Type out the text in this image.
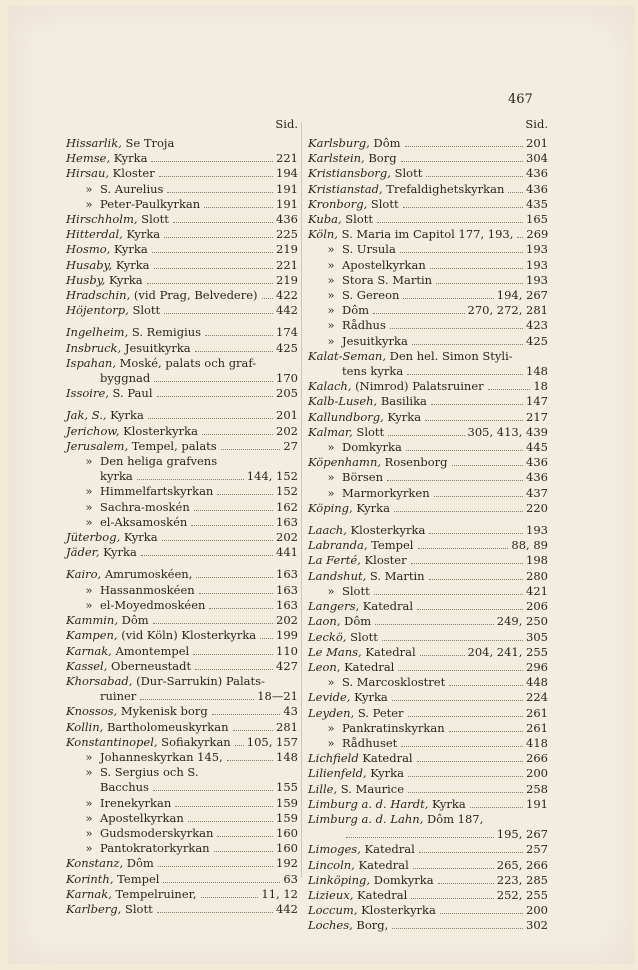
467
Sid.
Hissarlik, Se Troja
Hemse, Kyrka	221
Hirsau, Kloster	194
» S. Aurelius	191
» Peter-Paulkyrkan	191
Hirschholm, Slott	436
Hitterdal, Kyrka	225
Hosmo, Kyrka	219
Husaby, Kyrka	221
Husby, Kyrka	219
Hradschin, (vid Prag, Belvedere) 422
Höjentorp, Slott	442
Ingelheim, S. Remigius	174
Insbruck, Jesuitkyrka	425
Ispahan, Moské, palats och graf-
byggnad	170
Issoire, S. Paul	205
Jak, S., Kyrka	201
Jerichow, Klosterkyrka	202
Jerusalem, Tempel, palats	27
» Den heliga grafvens
kyrka	144, 152
» Himmelfartskyrkan	152
» Sachra-moskén	162
» el-Aksamoskén	163
Jüterbog, Kyrka	202
Jäder, Kyrka	441
Kairo, Amrumoskéen,	163
» Hassanmoskéen	163
» el-Moyedmoskéen	163
Kammin, Dôm	202
Kampen, (vid Köln) Klosterkyrka 199
Karnak, Amontempel	110
Kassel, Oberneustadt	427
Khorsabad, (Dur-Sarrukin) Palats-
ruiner	18—21
Knossos, Mykenisk borg	43
Kollin, Bartholomeuskyrkan	281
Konstantinopel, Sofiakyrkan 105, 157
» Johanneskyrkan 145,	148
» S. Sergius och S.
Bacchus	155
» Irenekyrkan	159
» Apostelkyrkan	159
» Gudsmoderskyrkan	160
» Pantokratorkyrkan	160
Konstanz, Dôm	192
Korinth, Tempel	63
Karnak, Tempelruiner,	11, 12
Karlberg, Slott	442
Sid.
Karlsburg, Dôm	201
Karlstein, Borg	304
Kristiansborg, Slott	436
Kristianstad, Trefaldighetskyrkan 436
Kronborg, Slott	435
Kuba, Slott	165
Köln, S. Maria im Capitol 177, 193, 269
» S. Ursula	193
» Apostelkyrkan	193
» Stora S. Martin	193
» S. Gereon	194, 267
» Dôm	270, 272, 281
» Rådhus	423
» Jesuitkyrka	425
Kalat-Seman, Den hel. Simon Styli-
tens kyrka	148
Kalach, (Nimrod) Palatsruiner	18
Kalb-Luseh, Basilika	147
Kallundborg, Kyrka	217
Kalmar, Slott	305, 413, 439
» Domkyrka	445
Köpenhamn, Rosenborg	436
» Börsen	436
» Marmorkyrken	437
Köping, Kyrka	220
Laach, Klosterkyrka	193
Labranda, Tempel	88, 89
La Ferté, Kloster	198
Landshut, S. Martin	280
» Slott	421
Langers, Katedral	206
Laon, Dôm	249, 250
Leckö, Slott	305
Le Mans, Katedral	204, 241, 255
Leon, Katedral	296
» S. Marcosklostret	448
Levide, Kyrka	224
Leyden, S. Peter	261
» Pankratinskyrkan	261
» Rådhuset	418
Lichfield Katedral	266
Lilienfeld, Kyrka	200
Lille, S. Maurice	258
Limburg a. d. Hardt, Kyrka	191
Limburg a. d. Lahn, Dôm 187,
195, 267
Limoges, Katedral	257
Lincoln, Katedral	265, 266
Linköping, Domkyrka	223, 285
Lizieux, Katedral	252, 255
Loccum, Klosterkyrka	200
Loches, Borg,	302
